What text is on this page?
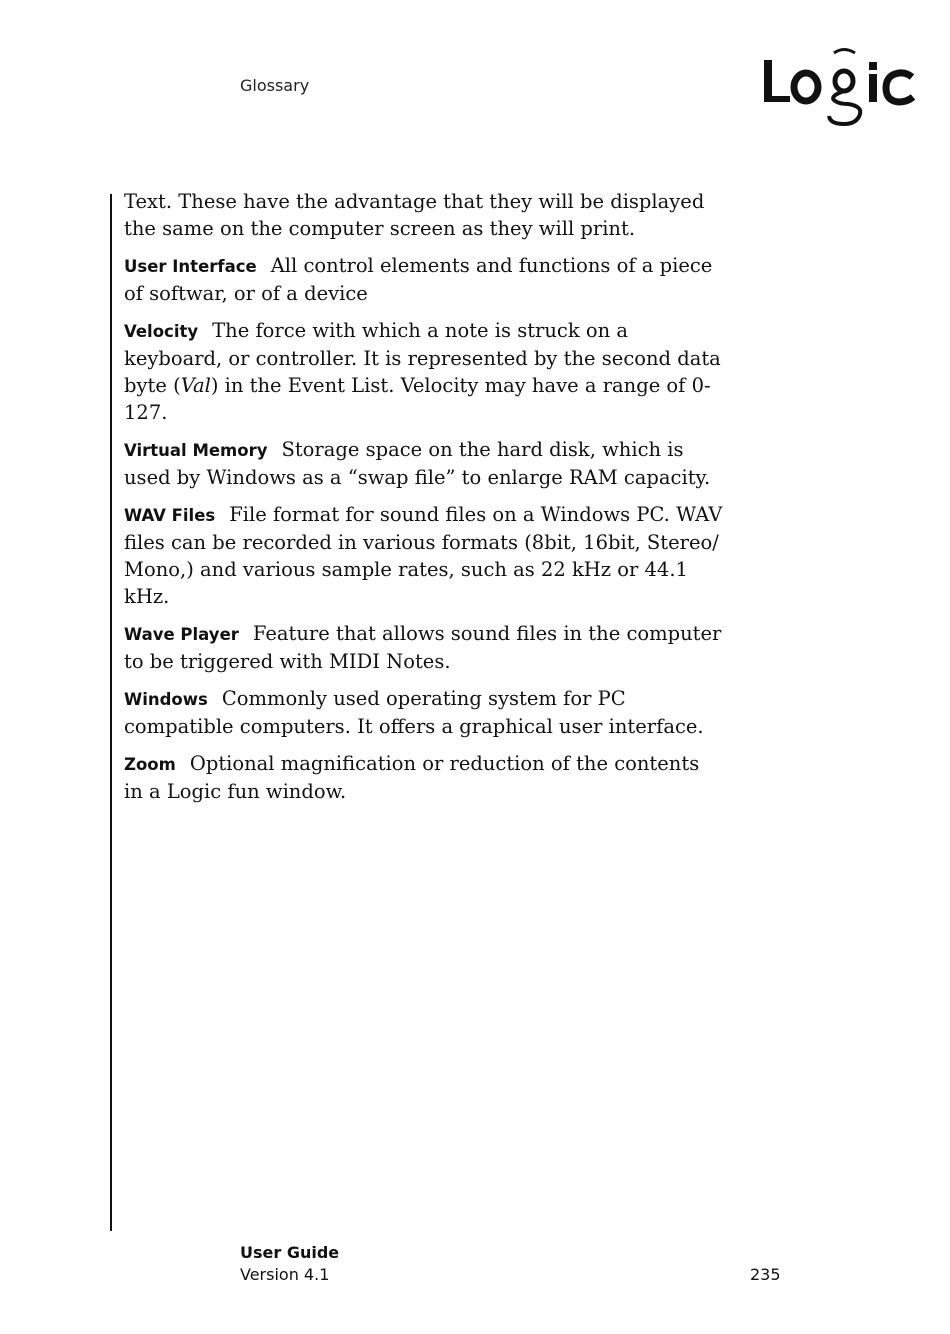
Glossary

Text. These have the advantage that they will be displayed the same on the computer screen as they will print.

User Interface All control elements and functions of a piece of softwar, or of a device

Velocity The force with which a note is struck on a keyboard, or controller. It is represented by the second data byte (Val) in the Event List. Velocity may have a range of 0-127.

Virtual Memory Storage space on the hard disk, which is used by Windows as a “swap file” to enlarge RAM capacity.

WAV Files File format for sound files on a Windows PC. WAV files can be recorded in various formats (8bit, 16bit, Stereo/ Mono,) and various sample rates, such as 22 kHz or 44.1 kHz.

Wave Player Feature that allows sound files in the computer to be triggered with MIDI Notes.

Windows Commonly used operating system for PC compatible computers. It offers a graphical user interface.

Zoom Optional magnification or reduction of the contents in a Logic fun window.

User Guide
Version 4.1	235
